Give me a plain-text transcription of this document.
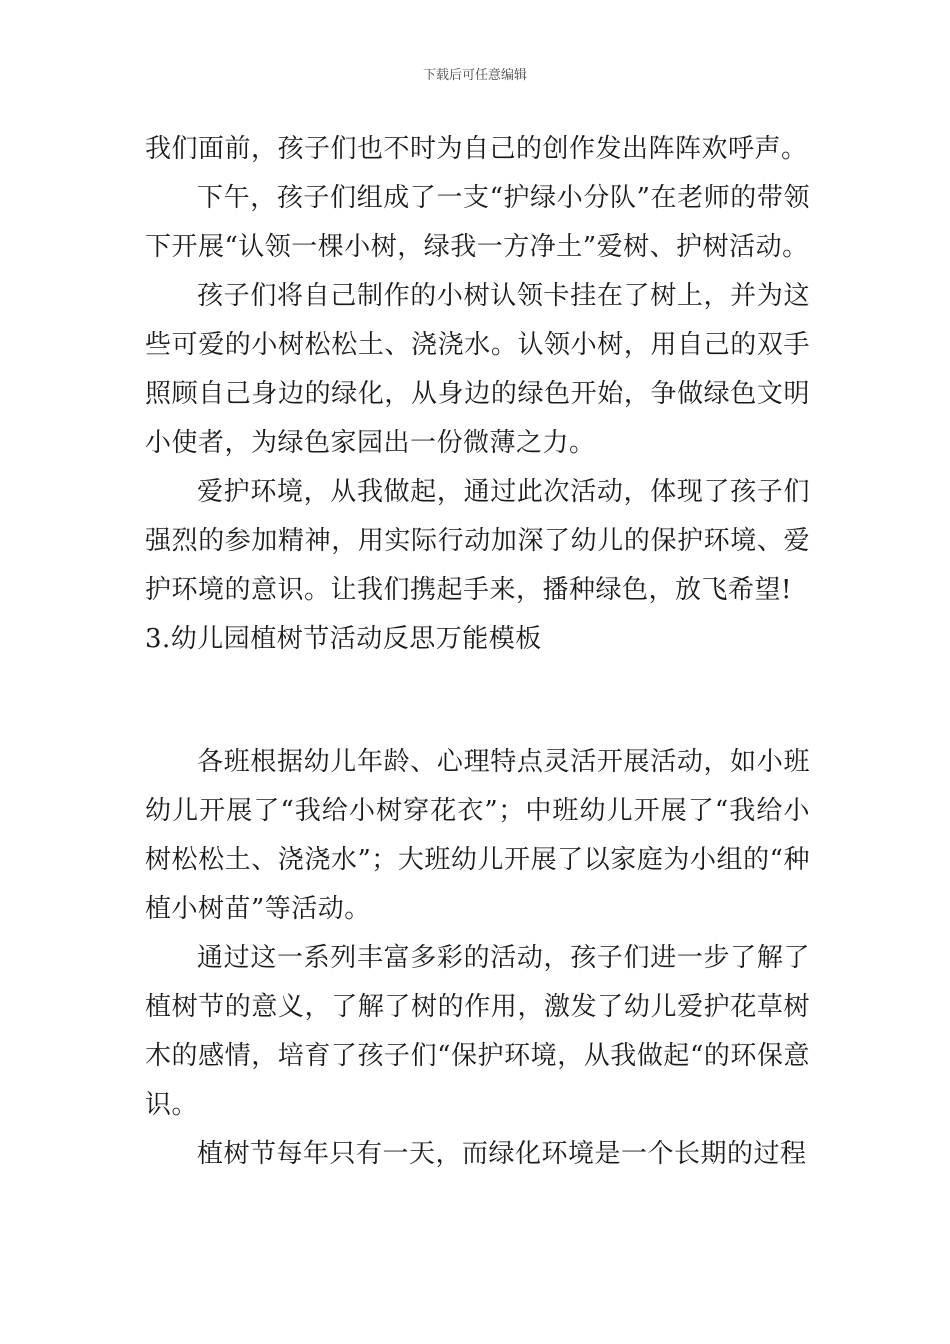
下载后可任意编辑

我们面前，孩子们也不时为自己的创作发出阵阵欢呼声。

下午，孩子们组成了一支“护绿小分队”在老师的带领下开展“认领一棵小树，绿我一方净土”爱树、护树活动。

孩子们将自己制作的小树认领卡挂在了树上，并为这些可爱的小树松松土、浇浇水。认领小树，用自己的双手照顾自己身边的绿化，从身边的绿色开始，争做绿色文明小使者，为绿色家园出一份微薄之力。

爱护环境，从我做起，通过此次活动，体现了孩子们强烈的参加精神，用实际行动加深了幼儿的保护环境、爱护环境的意识。让我们携起手来，播种绿色，放飞希望!

3.幼儿园植树节活动反思万能模板

各班根据幼儿年龄、心理特点灵活开展活动，如小班幼儿开展了“我给小树穿花衣”；中班幼儿开展了“我给小树松松土、浇浇水”；大班幼儿开展了以家庭为小组的“种植小树苗”等活动。

通过这一系列丰富多彩的活动，孩子们进一步了解了植树节的意义，了解了树的作用，激发了幼儿爱护花草树木的感情，培育了孩子们“保护环境，从我做起“的环保意识。

植树节每年只有一天，而绿化环境是一个长期的过程
